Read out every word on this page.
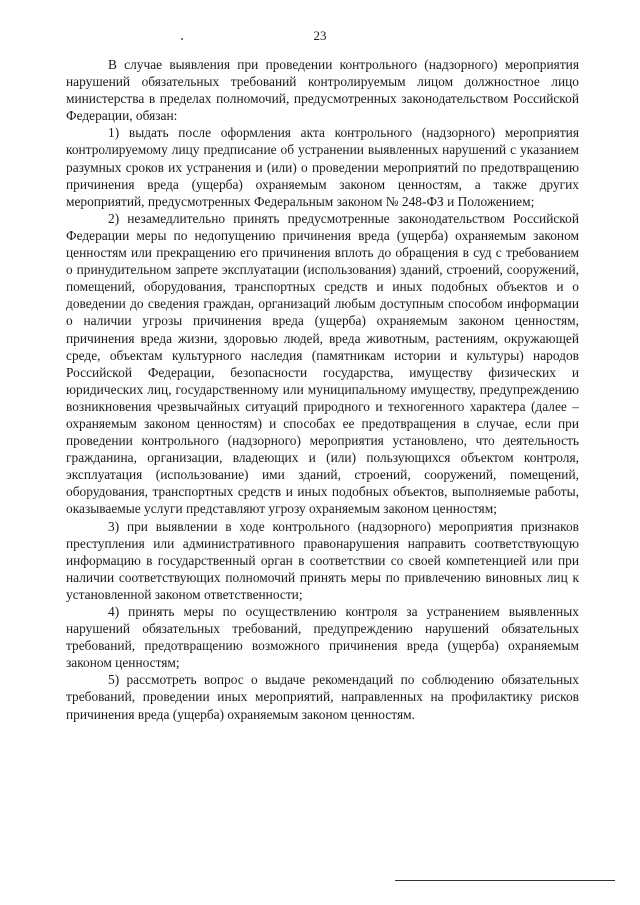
23

В случае выявления при проведении контрольного (надзорного) мероприятия нарушений обязательных требований контролируемым лицом должностное лицо министерства в пределах полномочий, предусмотренных законодательством Российской Федерации, обязан:

1) выдать после оформления акта контрольного (надзорного) мероприятия контролируемому лицу предписание об устранении выявленных нарушений с указанием разумных сроков их устранения и (или) о проведении мероприятий по предотвращению причинения вреда (ущерба) охраняемым законом ценностям, а также других мероприятий, предусмотренных Федеральным законом № 248-ФЗ и Положением;

2) незамедлительно принять предусмотренные законодательством Российской Федерации меры по недопущению причинения вреда (ущерба) охраняемым законом ценностям или прекращению его причинения вплоть до обращения в суд с требованием о принудительном запрете эксплуатации (использования) зданий, строений, сооружений, помещений, оборудования, транспортных средств и иных подобных объектов и о доведении до сведения граждан, организаций любым доступным способом информации о наличии угрозы причинения вреда (ущерба) охраняемым законом ценностям, причинения вреда жизни, здоровью людей, вреда животным, растениям, окружающей среде, объектам культурного наследия (памятникам истории и культуры) народов Российской Федерации, безопасности государства, имуществу физических и юридических лиц, государственному или муниципальному имуществу, предупреждению возникновения чрезвычайных ситуаций природного и техногенного характера (далее – охраняемым законом ценностям) и способах ее предотвращения в случае, если при проведении контрольного (надзорного) мероприятия установлено, что деятельность гражданина, организации, владеющих и (или) пользующихся объектом контроля, эксплуатация (использование) ими зданий, строений, сооружений, помещений, оборудования, транспортных средств и иных подобных объектов, выполняемые работы, оказываемые услуги представляют угрозу охраняемым законом ценностям;

3) при выявлении в ходе контрольного (надзорного) мероприятия признаков преступления или административного правонарушения направить соответствующую информацию в государственный орган в соответствии со своей компетенцией или при наличии соответствующих полномочий принять меры по привлечению виновных лиц к установленной законом ответственности;

4) принять меры по осуществлению контроля за устранением выявленных нарушений обязательных требований, предупреждению нарушений обязательных требований, предотвращению возможного причинения вреда (ущерба) охраняемым законом ценностям;

5) рассмотреть вопрос о выдаче рекомендаций по соблюдению обязательных требований, проведении иных мероприятий, направленных на профилактику рисков причинения вреда (ущерба) охраняемым законом ценностям.
